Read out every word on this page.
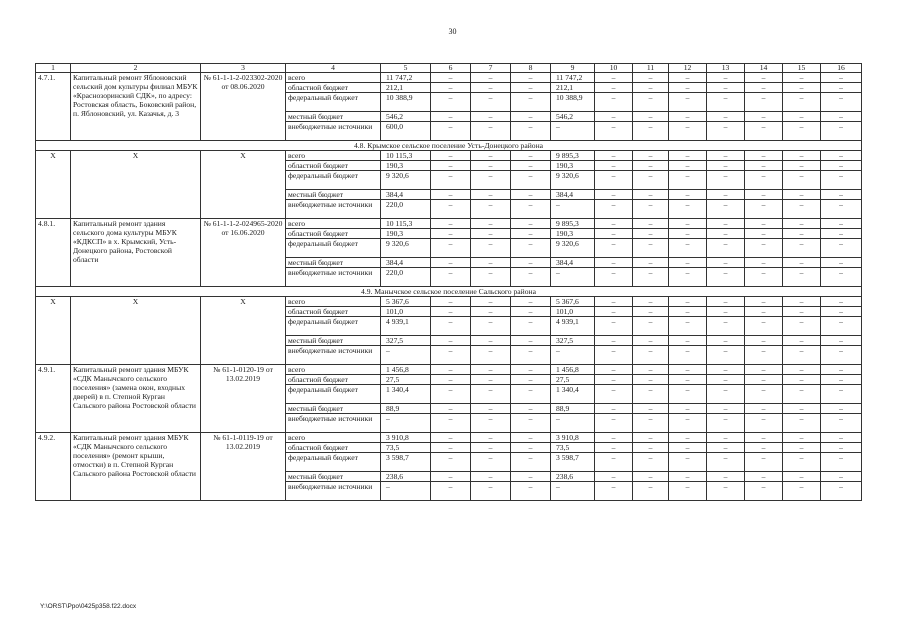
30
1	2	3	4	5	6	7	8	9	10	11	12	13	14	15	16
4.7.1.	Капитальный ремонт Яблоновский сельский дом культуры филиал МБУК «Краснозоринский СДК», по адресу: Ростовская область, Боковский район, п. Яблоновский, ул. Казачья, д. 3	№ 61-1-1-2-023302-2020 от 08.06.2020	всего	11 747,2	–	–	–	11 747,2	–	–	–	–	–	–	–
			областной бюджет	212,1	–	–	–	212,1	–	–	–	–	–	–	–
			федеральный бюджет	10 388,9	–	–	–	10 388,9	–	–	–	–	–	–	–
			местный бюджет	546,2	–	–	–	546,2	–	–	–	–	–	–	–
			внебюджетные источники	600,0	–	–	–	–	–	–	–	–	–	–	–
4.8. Крымское сельское поселение Усть-Донецкого района															
Х	Х	Х	всего	10 115,3	–	–	–	9 895,3	–	–	–	–	–	–	–
			областной бюджет	190,3	–	–	–	190,3	–	–	–	–	–	–	–
			федеральный бюджет	9 320,6	–	–	–	9 320,6	–	–	–	–	–	–	–
			местный бюджет	384,4	–	–	–	384,4	–	–	–	–	–	–	–
			внебюджетные источники	220,0	–	–	–	–	–	–	–	–	–	–	–
4.8.1.	Капитальный ремонт здания сельского дома культуры МБУК «КДКСП» в х. Крымский, Усть-Донецкого района, Ростовской области	№ 61-1-1-2-024965-2020 от 16.06.2020	всего	10 115,3	–	–	–	9 895,3	–	–	–	–	–	–	–
			областной бюджет	190,3	–	–	–	190,3	–	–	–	–	–	–	–
			федеральный бюджет	9 320,6	–	–	–	9 320,6	–	–	–	–	–	–	–
			местный бюджет	384,4	–	–	–	384,4	–	–	–	–	–	–	–
			внебюджетные источники	220,0	–	–	–	–	–	–	–	–	–	–	–
4.9. Манычское сельское поселение Сальского района															
Х	Х	Х	всего	5 367,6	–	–	–	5 367,6	–	–	–	–	–	–	–
			областной бюджет	101,0	–	–	–	101,0	–	–	–	–	–	–	–
			федеральный бюджет	4 939,1	–	–	–	4 939,1	–	–	–	–	–	–	–
			местный бюджет	327,5	–	–	–	327,5	–	–	–	–	–	–	–
			внебюджетные источники	–	–	–	–	–	–	–	–	–	–	–	–
4.9.1.	Капитальный ремонт здания МБУК «СДК Манычского сельского поселения» (замена окон, входных дверей) в п. Степной Курган Сальского района Ростовской области	№ 61-1-0120-19 от 13.02.2019	всего	1 456,8	–	–	–	1 456,8	–	–	–	–	–	–	–
			областной бюджет	27,5	–	–	–	27,5	–	–	–	–	–	–	–
			федеральный бюджет	1 340,4	–	–	–	1 340,4	–	–	–	–	–	–	–
			местный бюджет	88,9	–	–	–	88,9	–	–	–	–	–	–	–
			внебюджетные источники	–	–	–	–	–	–	–	–	–	–	–	–
4.9.2.	Капитальный ремонт здания МБУК «СДК Манычского сельского поселения» (ремонт крыши, отмостки) в п. Степной Курган Сальского района Ростовской области	№ 61-1-0119-19 от 13.02.2019	всего	3 910,8	–	–	–	3 910,8	–	–	–	–	–	–	–
			областной бюджет	73,5	–	–	–	73,5	–	–	–	–	–	–	–
			федеральный бюджет	3 598,7	–	–	–	3 598,7	–	–	–	–	–	–	–
			местный бюджет	238,6	–	–	–	238,6	–	–	–	–	–	–	–
			внебюджетные источники	–	–	–	–	–	–	–	–	–	–	–	–
Y:\ORST\Ppo\0425p358.f22.docx
